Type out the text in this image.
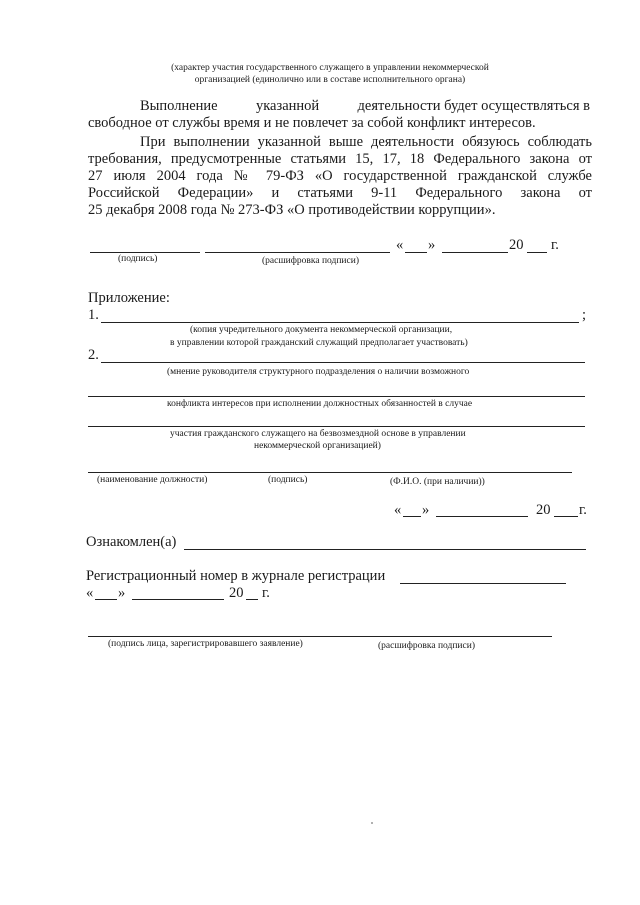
(характер участия государственного служащего в управлении некоммерческой
организацией (единолично или в составе исполнительного органа)
Выполнение	указанной	деятельности будет осуществляться в
свободное от службы время и не повлечет за собой конфликт интересов.
При выполнении указанной выше деятельности обязуюсь соблюдать
требования, предусмотренные статьями 15, 17, 18 Федерального закона от
27 июля 2004 года № 79-ФЗ «О государственной гражданской службе
Российской Федерации» и статьями 9-11 Федерального закона от
25 декабря 2008 года № 273-ФЗ «О противодействии коррупции».
« »	20 г.
(подпись)	(расшифровка подписи)
Приложение:
1.	;
(копия учредительного документа некоммерческой организации,
в управлении которой гражданский служащий предполагает участвовать)
2.
(мнение руководителя структурного подразделения о наличии возможного
конфликта интересов при исполнении должностных обязанностей в случае
участия гражданского служащего на безвозмездной основе в управлении
некоммерческой организацией)
(наименование должности)	(подпись)	(Ф.И.О. (при наличии))
« »	20 г.
Ознакомлен(а)
Регистрационный номер в журнале регистрации
« »	20 г.
(подпись лица, зарегистрировавшего заявление)	(расшифровка подписи)
